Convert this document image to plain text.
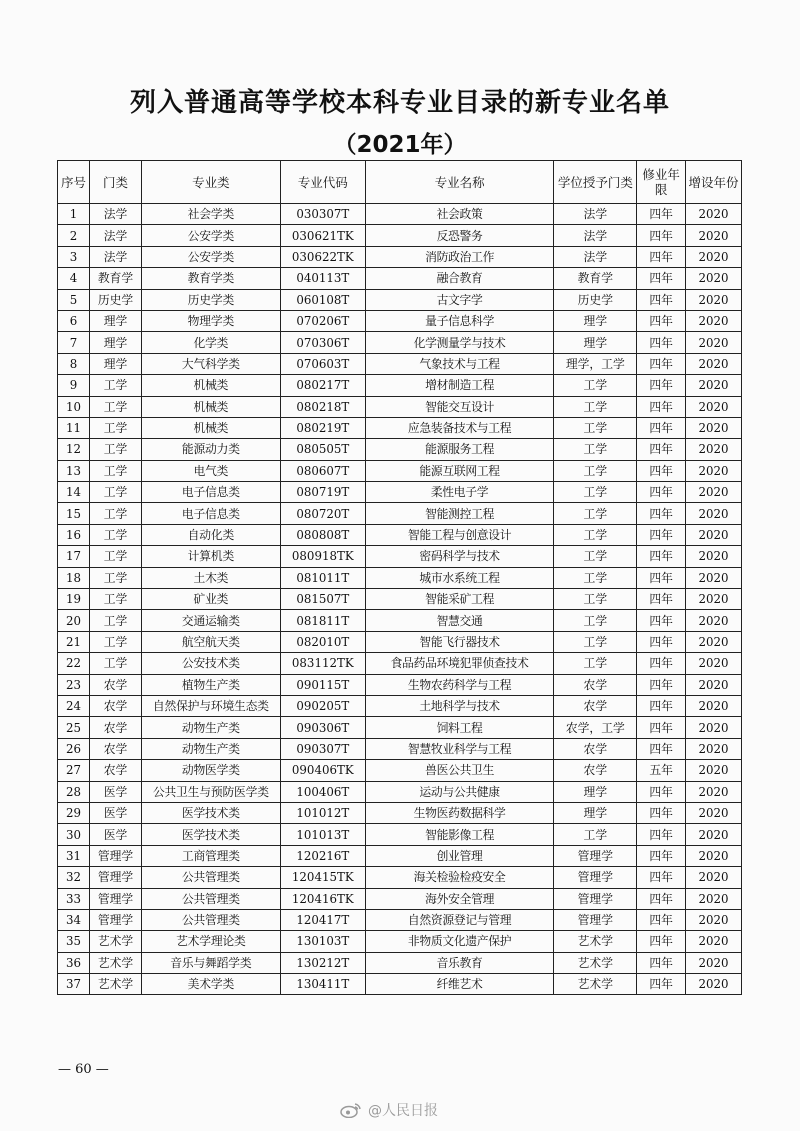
列入普通高等学校本科专业目录的新专业名单
（2021年）
序号	门类	专业类	专业代码	专业名称	学位授予门类	修业年限	增设年份
1	法学	社会学类	030307T	社会政策	法学	四年	2020
2	法学	公安学类	030621TK	反恐警务	法学	四年	2020
3	法学	公安学类	030622TK	消防政治工作	法学	四年	2020
4	教育学	教育学类	040113T	融合教育	教育学	四年	2020
5	历史学	历史学类	060108T	古文字学	历史学	四年	2020
6	理学	物理学类	070206T	量子信息科学	理学	四年	2020
7	理学	化学类	070306T	化学测量学与技术	理学	四年	2020
8	理学	大气科学类	070603T	气象技术与工程	理学，工学	四年	2020
9	工学	机械类	080217T	增材制造工程	工学	四年	2020
10	工学	机械类	080218T	智能交互设计	工学	四年	2020
11	工学	机械类	080219T	应急装备技术与工程	工学	四年	2020
12	工学	能源动力类	080505T	能源服务工程	工学	四年	2020
13	工学	电气类	080607T	能源互联网工程	工学	四年	2020
14	工学	电子信息类	080719T	柔性电子学	工学	四年	2020
15	工学	电子信息类	080720T	智能测控工程	工学	四年	2020
16	工学	自动化类	080808T	智能工程与创意设计	工学	四年	2020
17	工学	计算机类	080918TK	密码科学与技术	工学	四年	2020
18	工学	土木类	081011T	城市水系统工程	工学	四年	2020
19	工学	矿业类	081507T	智能采矿工程	工学	四年	2020
20	工学	交通运输类	081811T	智慧交通	工学	四年	2020
21	工学	航空航天类	082010T	智能飞行器技术	工学	四年	2020
22	工学	公安技术类	083112TK	食品药品环境犯罪侦查技术	工学	四年	2020
23	农学	植物生产类	090115T	生物农药科学与工程	农学	四年	2020
24	农学	自然保护与环境生态类	090205T	土地科学与技术	农学	四年	2020
25	农学	动物生产类	090306T	饲料工程	农学，工学	四年	2020
26	农学	动物生产类	090307T	智慧牧业科学与工程	农学	四年	2020
27	农学	动物医学类	090406TK	兽医公共卫生	农学	五年	2020
28	医学	公共卫生与预防医学类	100406T	运动与公共健康	理学	四年	2020
29	医学	医学技术类	101012T	生物医药数据科学	理学	四年	2020
30	医学	医学技术类	101013T	智能影像工程	工学	四年	2020
31	管理学	工商管理类	120216T	创业管理	管理学	四年	2020
32	管理学	公共管理类	120415TK	海关检验检疫安全	管理学	四年	2020
33	管理学	公共管理类	120416TK	海外安全管理	管理学	四年	2020
34	管理学	公共管理类	120417T	自然资源登记与管理	管理学	四年	2020
35	艺术学	艺术学理论类	130103T	非物质文化遗产保护	艺术学	四年	2020
36	艺术学	音乐与舞蹈学类	130212T	音乐教育	艺术学	四年	2020
37	艺术学	美术学类	130411T	纤维艺术	艺术学	四年	2020
— 60 —
@人民日报
